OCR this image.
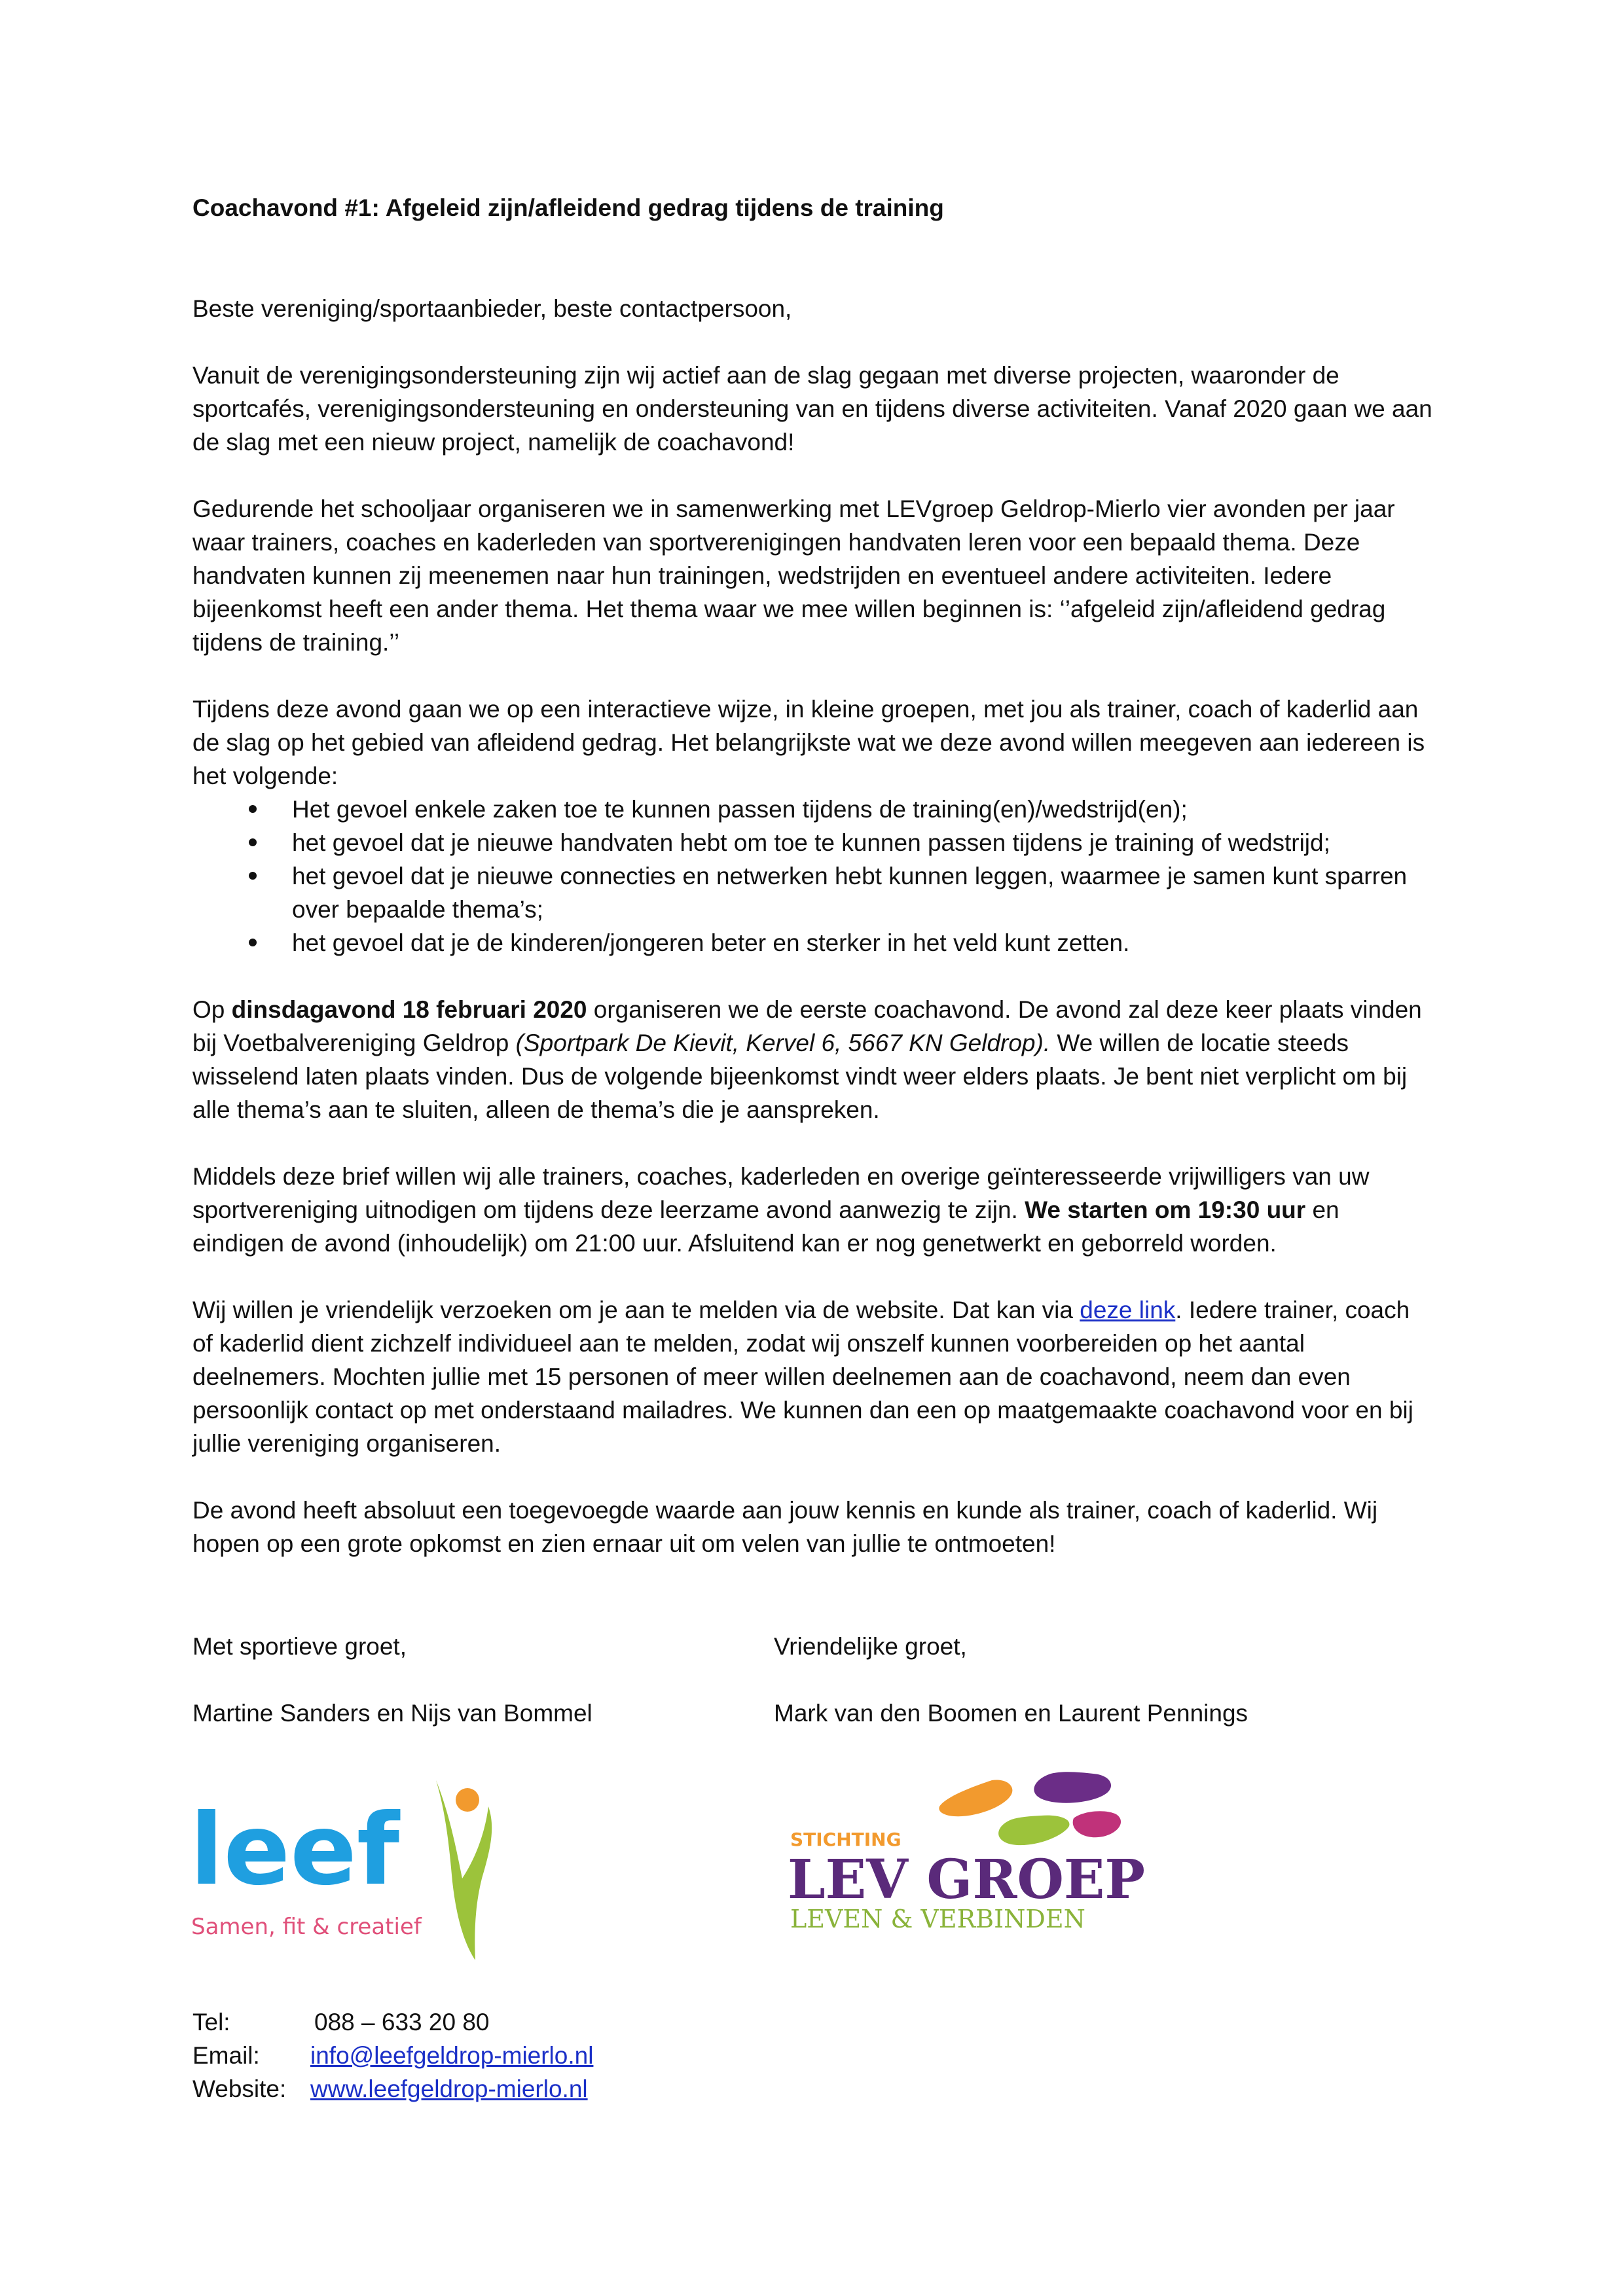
Coachavond #1: Afgeleid zijn/afleidend gedrag tijdens de training

Beste vereniging/sportaanbieder, beste contactpersoon,

Vanuit de verenigingsondersteuning zijn wij actief aan de slag gegaan met diverse projecten, waaronder de sportcafés, verenigingsondersteuning en ondersteuning van en tijdens diverse activiteiten. Vanaf 2020 gaan we aan de slag met een nieuw project, namelijk de coachavond!

Gedurende het schooljaar organiseren we in samenwerking met LEVgroep Geldrop-Mierlo vier avonden per jaar waar trainers, coaches en kaderleden van sportverenigingen handvaten leren voor een bepaald thema. Deze handvaten kunnen zij meenemen naar hun trainingen, wedstrijden en eventueel andere activiteiten. Iedere bijeenkomst heeft een ander thema. Het thema waar we mee willen beginnen is: ‘’afgeleid zijn/afleidend gedrag tijdens de training.’’

Tijdens deze avond gaan we op een interactieve wijze, in kleine groepen, met jou als trainer, coach of kaderlid aan de slag op het gebied van afleidend gedrag. Het belangrijkste wat we deze avond willen meegeven aan iedereen is het volgende:

Het gevoel enkele zaken toe te kunnen passen tijdens de training(en)/wedstrijd(en);
het gevoel dat je nieuwe handvaten hebt om toe te kunnen passen tijdens je training of wedstrijd;
het gevoel dat je nieuwe connecties en netwerken hebt kunnen leggen, waarmee je samen kunt sparren over bepaalde thema’s;
het gevoel dat je de kinderen/jongeren beter en sterker in het veld kunt zetten.

Op dinsdagavond 18 februari 2020 organiseren we de eerste coachavond. De avond zal deze keer plaats vinden bij Voetbalvereniging Geldrop (Sportpark De Kievit, Kervel 6, 5667 KN Geldrop). We willen de locatie steeds wisselend laten plaats vinden. Dus de volgende bijeenkomst vindt weer elders plaats. Je bent niet verplicht om bij alle thema’s aan te sluiten, alleen de thema’s die je aanspreken.

Middels deze brief willen wij alle trainers, coaches, kaderleden en overige geïnteresseerde vrijwilligers van uw sportvereniging uitnodigen om tijdens deze leerzame avond aanwezig te zijn. We starten om 19:30 uur en eindigen de avond (inhoudelijk) om 21:00 uur. Afsluitend kan er nog genetwerkt en geborreld worden.

Wij willen je vriendelijk verzoeken om je aan te melden via de website. Dat kan via deze link. Iedere trainer, coach of kaderlid dient zichzelf individueel aan te melden, zodat wij onszelf kunnen voorbereiden op het aantal deelnemers. Mochten jullie met 15 personen of meer willen deelnemen aan de coachavond, neem dan even persoonlijk contact op met onderstaand mailadres. We kunnen dan een op maatgemaakte coachavond voor en bij jullie vereniging organiseren.

De avond heeft absoluut een toegevoegde waarde aan jouw kennis en kunde als trainer, coach of kaderlid. Wij hopen op een grote opkomst en zien ernaar uit om velen van jullie te ontmoeten!

Met sportieve groet,
Martine Sanders en Nijs van Bommel
Vriendelijke groet,
Mark van den Boomen en Laurent Pennings
leef
Samen, fit & creatief
STICHTING
LEV GROEP
LEVEN & VERBINDEN
Tel:	088 – 633 20 80
Email: info@leefgeldrop-mierlo.nl
Website: www.leefgeldrop-mierlo.nl
